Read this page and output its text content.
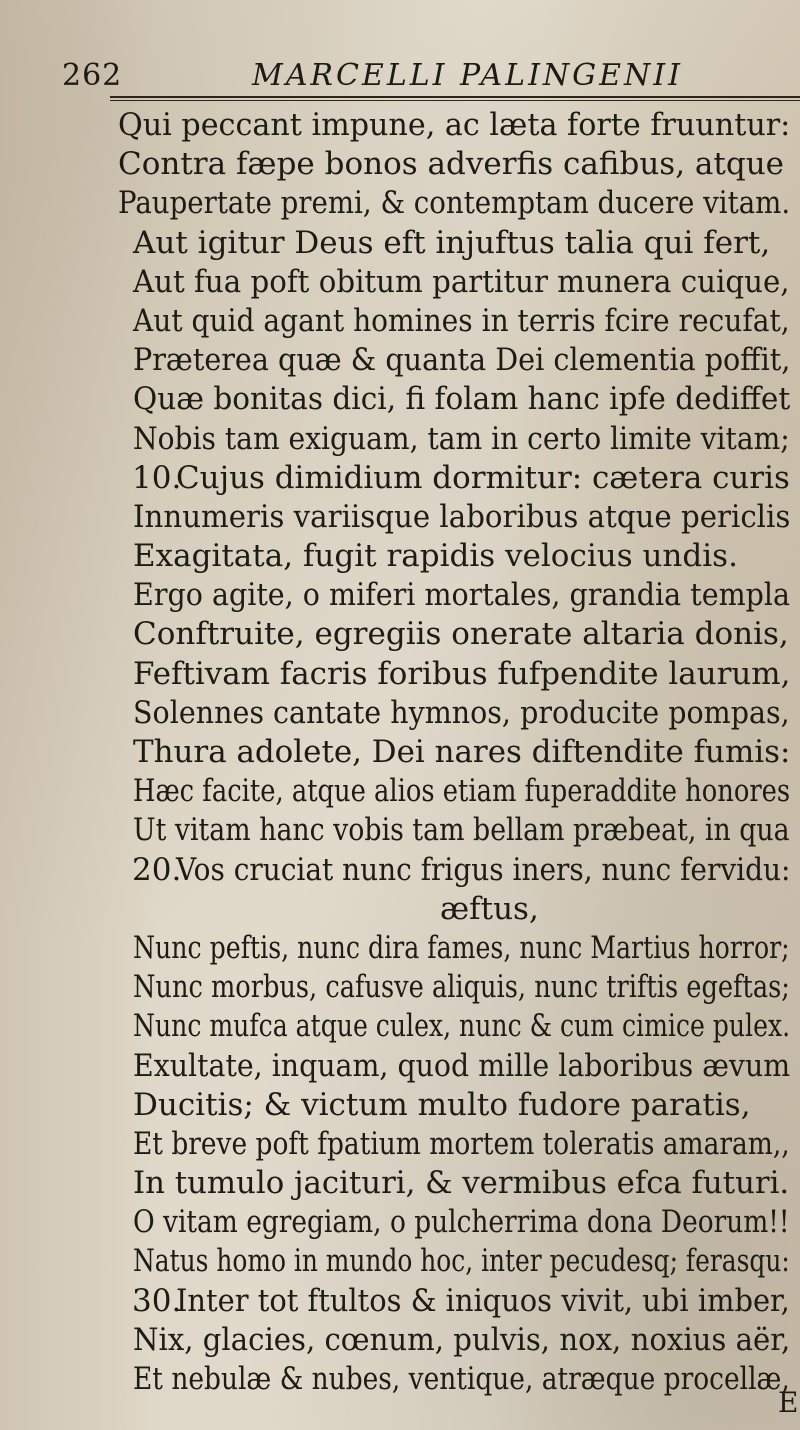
262	MARCELLI PALINGENII
Qui peccant impune, ac læta forte fruuntur:
Contra fæpe bonos adverfis cafibus, atque
Paupertate premi, & contemptam ducere vitam.
Aut igitur Deus eft injuftus talia qui fert,
Aut fua poft obitum partitur munera cuique,
Aut quid agant homines in terris fcire recufat,
Præterea quæ & quanta Dei clementia poffit,
Quæ bonitas dici, fi folam hanc ipfe dediffet
Nobis tam exiguam, tam in certo limite vitam;
10.
Cujus dimidium dormitur: cætera curis
Innumeris variisque laboribus atque periclis
Exagitata, fugit rapidis velocius undis.
Ergo agite, o miferi mortales, grandia templa
Conftruite, egregiis onerate altaria donis,
Feftivam facris foribus fufpendite laurum,
Solennes cantate hymnos, producite pompas,
Thura adolete, Dei nares diftendite fumis:
Hæc facite, atque alios etiam fuperaddite honores
Ut vitam hanc vobis tam bellam præbeat, in qua
20.
Vos cruciat nunc frigus iners, nunc fervidu:
æftus,
Nunc peftis, nunc dira fames, nunc Martius horror;
Nunc morbus, cafusve aliquis, nunc triftis egeftas;
Nunc mufca atque culex, nunc & cum cimice pulex.
Exultate, inquam, quod mille laboribus ævum
Ducitis; & victum multo fudore paratis,
Et breve poft fpatium mortem toleratis amaram,,
In tumulo jacituri, & vermibus efca futuri.
O vitam egregiam, o pulcherrima dona Deorum!!
Natus homo in mundo hoc, inter pecudesq; ferasqu:
30.
Inter tot ftultos & iniquos vivit, ubi imber,
Nix, glacies, cœnum, pulvis, nox, noxius aër,
Et nebulæ & nubes, ventique, atræque procellæ,
E
